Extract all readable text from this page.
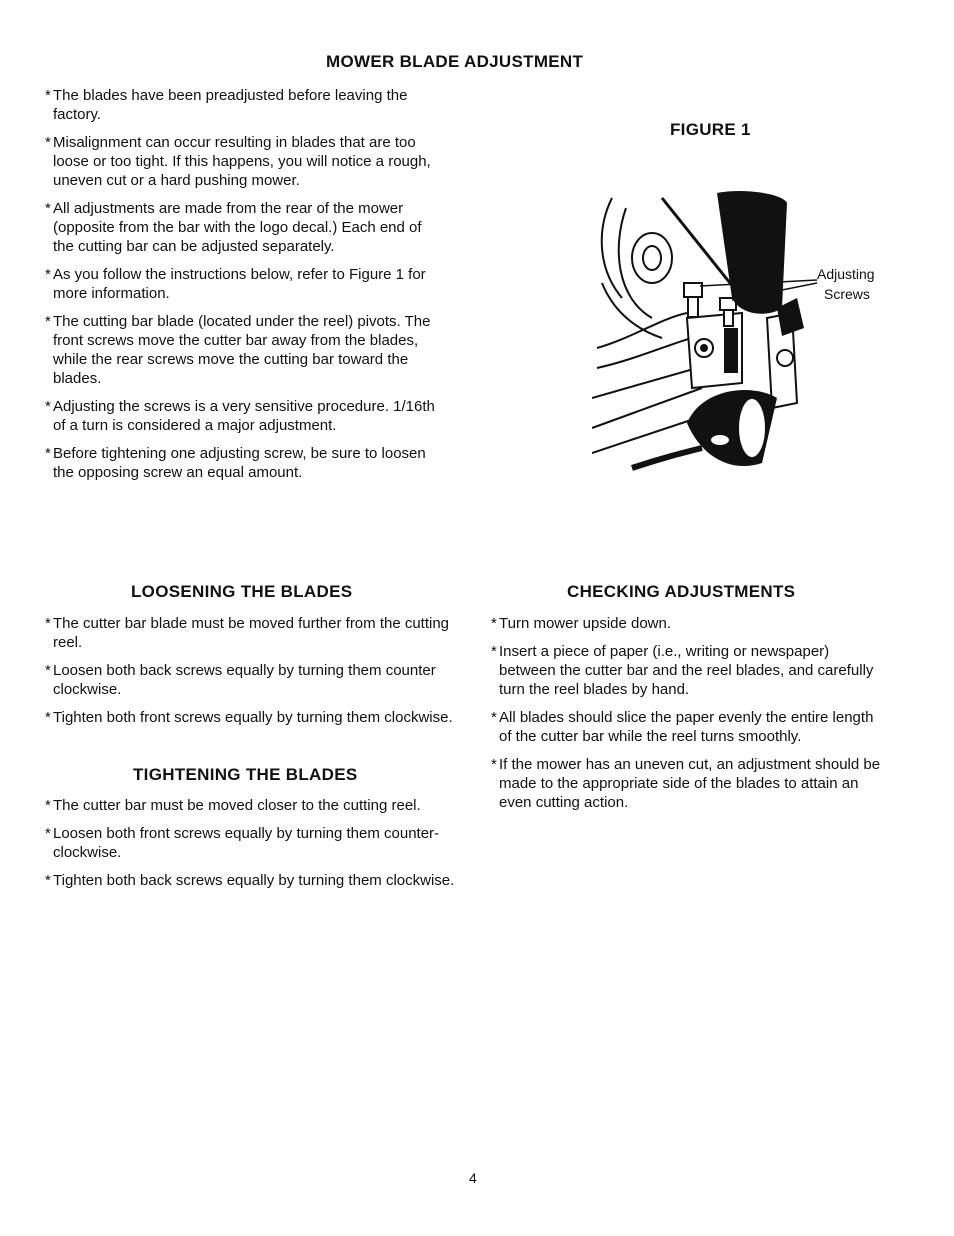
MOWER BLADE ADJUSTMENT
* The blades have been preadjusted before leaving the factory.
* Misalignment can occur resulting in blades that are too loose or too tight. If this happens, you will notice a rough, uneven cut or a hard pushing mower.
* All adjustments are made from the rear of the mower (opposite from the bar with the logo decal.) Each end of the cutting bar can be adjusted separately.
* As you follow the instructions below, refer to Figure 1 for more information.
* The cutting bar blade (located under the reel) pivots. The front screws move the cutter bar away from the blades, while the rear screws move the cutting bar toward the blades.
* Adjusting the screws is a very sensitive procedure. 1/16th of a turn is considered a major adjustment.
* Before tightening one adjusting screw, be sure to loosen the opposing screw an equal amount.
FIGURE 1
Adjusting
Screws
LOOSENING THE BLADES
* The cutter bar blade must be moved further from the cutting reel.
* Loosen both back screws equally by turning them counter clockwise.
* Tighten both front screws equally by turning them clockwise.
TIGHTENING THE BLADES
* The cutter bar must be moved closer to the cutting reel.
* Loosen both front screws equally by turning them counter-clockwise.
* Tighten both back screws equally by turning them clockwise.
CHECKING ADJUSTMENTS
* Turn mower upside down.
* Insert a piece of paper (i.e., writing or newspaper) between the cutter bar and the reel blades, and carefully turn the reel blades by hand.
* All blades should slice the paper evenly the entire length of the cutter bar while the reel turns smoothly.
* If the mower has an uneven cut, an adjustment should be made to the appropriate side of the blades to attain an even cutting action.
4
